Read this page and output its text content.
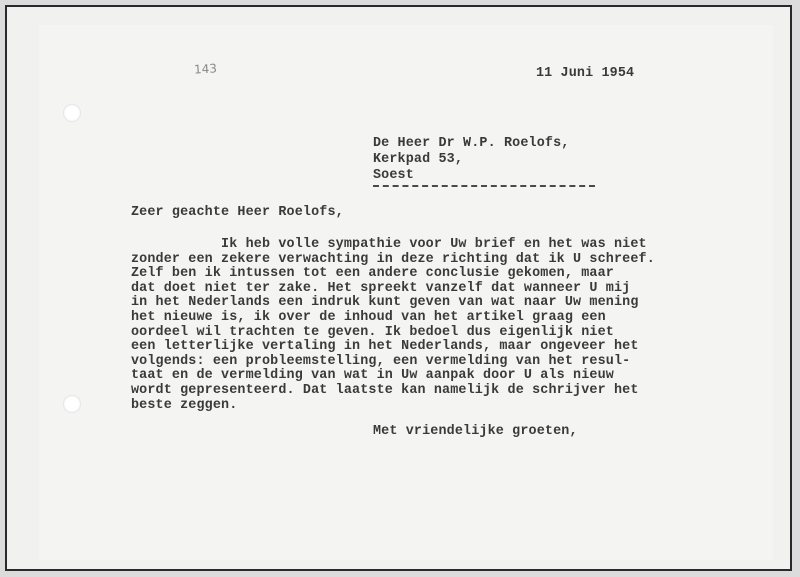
143	11 Juni 1954
De Heer Dr W.P. Roelofs,
Kerkpad 53,
Soest
Zeer geachte Heer Roelofs,
Ik heb volle sympathie voor Uw brief en het was niet
zonder een zekere verwachting in deze richting dat ik U schreef.
Zelf ben ik intussen tot een andere conclusie gekomen, maar
dat doet niet ter zake. Het spreekt vanzelf dat wanneer U mij
in het Nederlands een indruk kunt geven van wat naar Uw mening
het nieuwe is, ik over de inhoud van het artikel graag een
oordeel wil trachten te geven. Ik bedoel dus eigenlijk niet
een letterlijke vertaling in het Nederlands, maar ongeveer het
volgends: een probleemstelling, een vermelding van het resul-
taat en de vermelding van wat in Uw aanpak door U als nieuw
wordt gepresenteerd. Dat laatste kan namelijk de schrijver het
beste zeggen.
Met vriendelijke groeten,
